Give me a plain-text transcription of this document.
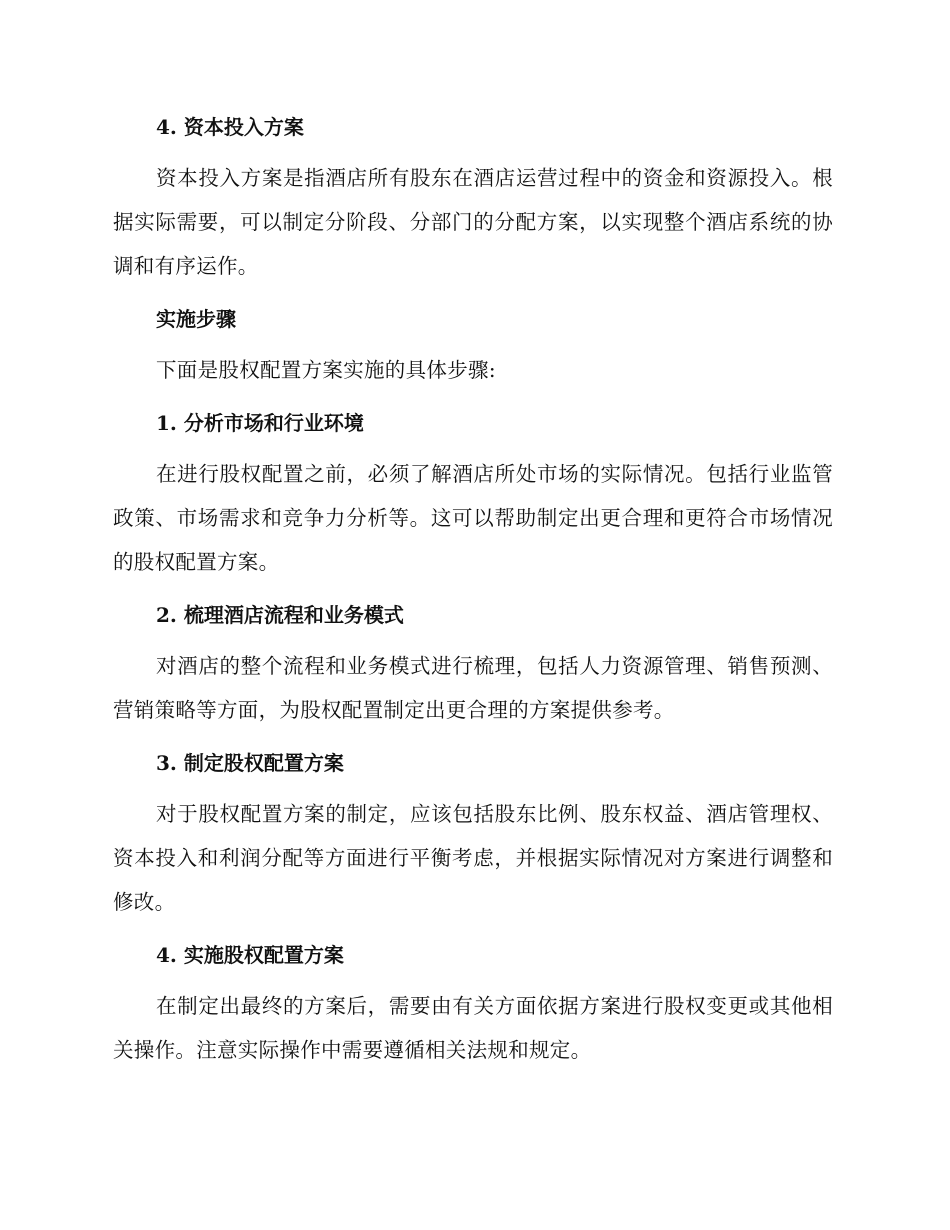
4. 资本投入方案

资本投入方案是指酒店所有股东在酒店运营过程中的资金和资源投入。根据实际需要，可以制定分阶段、分部门的分配方案，以实现整个酒店系统的协调和有序运作。

实施步骤

下面是股权配置方案实施的具体步骤:

1. 分析市场和行业环境

在进行股权配置之前，必须了解酒店所处市场的实际情况。包括行业监管政策、市场需求和竞争力分析等。这可以帮助制定出更合理和更符合市场情况的股权配置方案。

2. 梳理酒店流程和业务模式

对酒店的整个流程和业务模式进行梳理，包括人力资源管理、销售预测、营销策略等方面，为股权配置制定出更合理的方案提供参考。

3. 制定股权配置方案

对于股权配置方案的制定，应该包括股东比例、股东权益、酒店管理权、资本投入和利润分配等方面进行平衡考虑，并根据实际情况对方案进行调整和修改。

4. 实施股权配置方案

在制定出最终的方案后，需要由有关方面依据方案进行股权变更或其他相关操作。注意实际操作中需要遵循相关法规和规定。
